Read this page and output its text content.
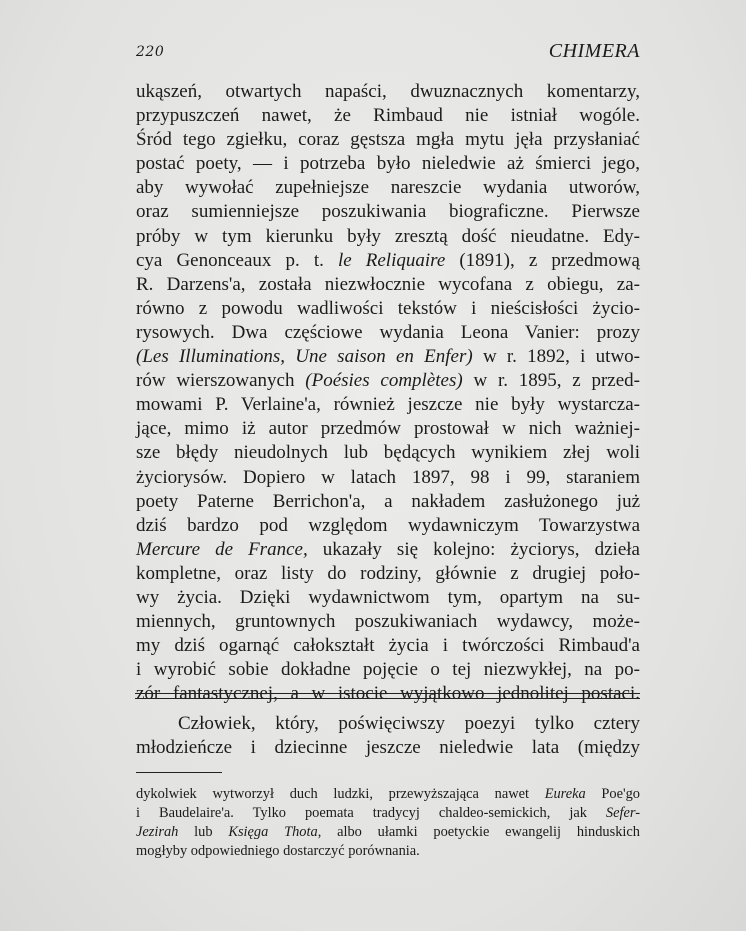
220	CHIMERA
ukąszeń, otwartych napaści, dwuznacznych komentarzy,
przypuszczeń nawet, że Rimbaud nie istniał wogóle.
Śród tego zgiełku, coraz gęstsza mgła mytu jęła przysłaniać
postać poety, — i potrzeba było nieledwie aż śmierci jego,
aby wywołać zupełniejsze nareszcie wydania utworów,
oraz sumienniejsze poszukiwania biograficzne. Pierwsze
próby w tym kierunku były zresztą dość nieudatne. Edy-
cya Genonceaux p. t. le Reliquaire (1891), z przedmową
R. Darzens'a, została niezwłocznie wycofana z obiegu, za-
równo z powodu wadliwości tekstów i nieścisłości życio-
rysowych. Dwa częściowe wydania Leona Vanier: prozy
(Les Illuminations, Une saison en Enfer) w r. 1892, i utwo-
rów wierszowanych (Poésies complètes) w r. 1895, z przed-
mowami P. Verlaine'a, również jeszcze nie były wystarcza-
jące, mimo iż autor przedmów prostował w nich ważniej-
sze błędy nieudolnych lub będących wynikiem złej woli
życiorysów. Dopiero w latach 1897, 98 i 99, staraniem
poety Paterne Berrichon'a, a nakładem zasłużonego już
dziś bardzo pod względom wydawniczym Towarzystwa
Mercure de France, ukazały się kolejno: życiorys, dzieła
kompletne, oraz listy do rodziny, głównie z drugiej poło-
wy życia. Dzięki wydawnictwom tym, opartym na su-
miennych, gruntownych poszukiwaniach wydawcy, może-
my dziś ogarnąć całokształt życia i twórczości Rimbaud'a
i wyrobić sobie dokładne pojęcie o tej niezwykłej, na po-
zór fantastycznej, a w istocie wyjątkowo jednolitej postaci.
Człowiek, który, poświęciwszy poezyi tylko cztery
młodzieńcze i dziecinne jeszcze nieledwie lata (między
dykolwiek wytworzył duch ludzki, przewyższająca nawet Eureka Poe'go
i Baudelaire'a. Tylko poemata tradycyj chaldeo-semickich, jak Sefer-
Jezirah lub Księga Thota, albo ułamki poetyckie ewangelij hinduskich
mogłyby odpowiedniego dostarczyć porównania.
